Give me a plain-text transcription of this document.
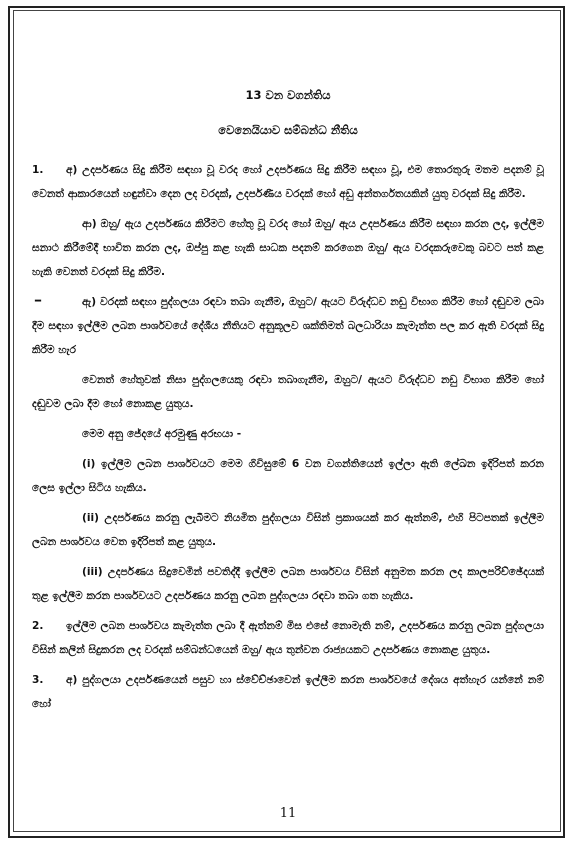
13 වන වගන්තිය

වෙනෙයියාව සම්බන්ධ නීතිය

1. අ) උදර්පණය සිදු කිරීම සඳහා වූ වරද හෝ උදර්පණය සිදු කිරීම සඳහා වූ, එම තොරතුරු මතම පදනම් වූ වෙනත් ආකාරයෙන් හඳුන්වා දෙන ලද වරදක්, උදර්පණීය වරදක් හෝ අඩු අන්තර්ගතයකින් යුතු වරදක් සිදු කිරීම.

ආ) ඔහු/ ඇය උදර්පණය කිරීමට හේතු වූ වරද හෝ ඔහු/ ඇය උදර්පණය කිරීම සඳහා කරන ලද, ඉල්ලීම සනාථ කිරීමේදී භාවිත කරන ලද, ඔප්පු කළ හැකි සාධක පදනම් කරගෙන ඔහු/ ඇය වරදකරුවෙකු බවට පත් කළ හැකි වෙනත් වරදක් සිදු කිරීම.

–	ඇ) වරදක් සඳහා පුද්ගලයා රඳවා තබා ගැනීම, ඔහුට/ ඇයට විරුද්ධව නඩු විභාග කිරීම හෝ දඬුවම ලබා දීම සඳහා ඉල්ලීම ලබන පාර්ශවයේ දේශීය නීතියට අනුකූලව ශක්තිමත් බලධාරියා කැමැත්ත පල කර ඇති වරදක් සිදු කිරීම හැර

වෙනත් හේතුවක් නිසා පුද්ගලයෙකු රඳවා තබාගැනීම, ඔහුට/ ඇයට විරුද්ධව නඩු විභාග කිරීම හෝ දඬුවම ලබා දීම හෝ නොකළ යුතුය.

මෙම අනු ජේදයේ අරමුණු අරභයා -

(i) ඉල්ලීම ලබන පාර්ශවයට මෙම ගිවිසුමේ 6 වන වගන්තියෙන් ඉල්ලා ඇති ලේඛන ඉදිරිපත් කරන ලෙස ඉල්ලා සිටිය හැකිය.

(ii) උදර්පණය කරනු ලැබීමට නියමිත පුද්ගලයා විසින් ප්‍රකාශයක් කර ඇත්නම්, එහි පිටපතක් ඉල්ලීම ලබන පාර්ශවය වෙත ඉදිරිපත් කළ යුතුය.

(iii) උදර්පණය සිදුවෙමින් පවතිද්දී ඉල්ලීම ලබන පාර්ශවය විසින් අනුමත කරන ලද කාලපරිච්ඡේදයක් තුළ ඉල්ලීම කරන පාර්ශවයට උදර්පණය කරනු ලබන පුද්ගලයා රඳවා තබා ගත හැකිය.

2. ඉල්ලීම ලබන පාර්ශවය කැමැත්ත ලබා දී ඇත්නම් මිස එසේ නොමැති නම්, උදර්පණය කරනු ලබන පුද්ගලයා විසින් කලින් සිදුකරන ලද වරදක් සම්බන්ධයෙන් ඔහු/ ඇය තුන්වන රාජ්‍යයකට උදර්පණය නොකළ යුතුය.

3. අ) පුද්ගලයා උදර්පණයෙන් පසුව හා ස්වේච්ඡාවෙන් ඉල්ලීම කරන පාර්ශවයේ දේශය අත්හැර යන්නේ නම් හෝ

11
